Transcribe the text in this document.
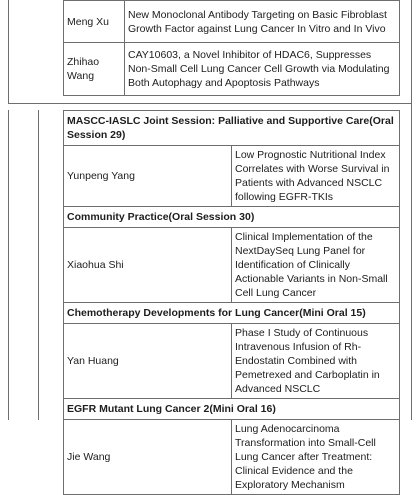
Meng Xu	New Monoclonal Antibody Targeting on Basic Fibroblast Growth Factor against Lung Cancer In Vitro and In Vivo
Zhihao Wang	CAY10603, a Novel Inhibitor of HDAC6, Suppresses Non-Small Cell Lung Cancer Cell Growth via Modulating Both Autophagy and Apoptosis Pathways
MASCC-IASLC Joint Session: Palliative and Supportive Care(Oral Session 29)	
Yunpeng Yang	Low Prognostic Nutritional Index Correlates with Worse Survival in Patients with Advanced NSCLC following EGFR-TKIs
Community Practice(Oral Session 30)	
Xiaohua Shi	Clinical Implementation of the NextDaySeq Lung Panel for Identification of Clinically Actionable Variants in Non-Small Cell Lung Cancer
Chemotherapy Developments for Lung Cancer(Mini Oral 15)	
Yan Huang	Phase I Study of Continuous Intravenous Infusion of Rh-Endostatin Combined with Pemetrexed and Carboplatin in Advanced NSCLC
EGFR Mutant Lung Cancer 2(Mini Oral 16)	
Jie Wang	Lung Adenocarcinoma Transformation into Small-Cell Lung Cancer after Treatment: Clinical Evidence and the Exploratory Mechanism
